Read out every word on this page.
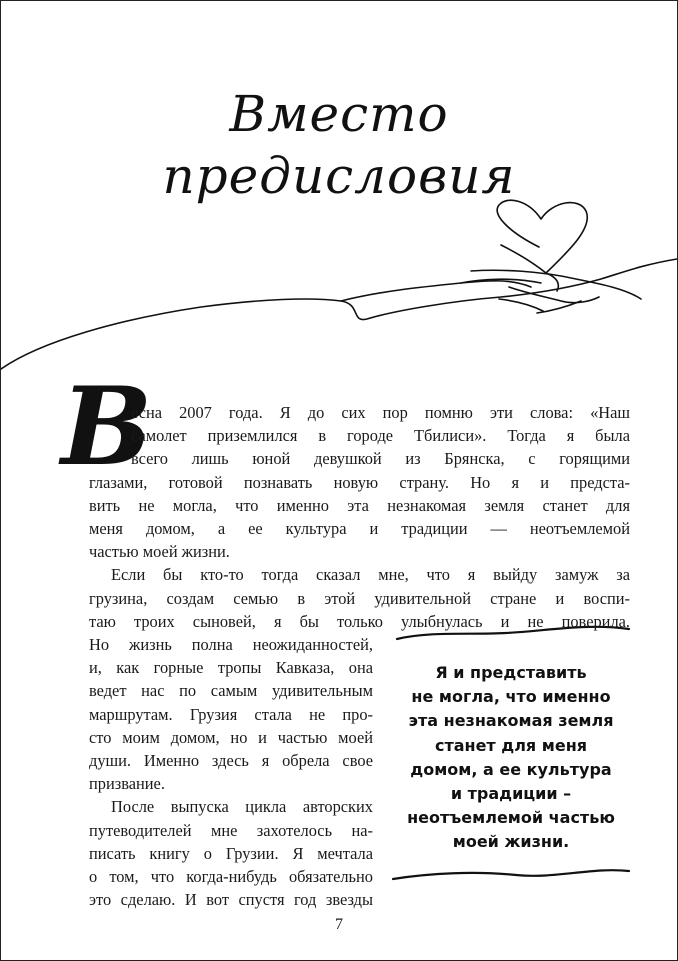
Вместо
предисловия
В
есна 2007 года. Я до сих пор помню эти слова: «Наш
самолет приземлился в городе Тбилиси». Тогда я была
всего лишь юной девушкой из Брянска, с горящими
глазами, готовой познавать новую страну. Но я и предста-
вить не могла, что именно эта незнакомая земля станет для
меня домом, а ее культура и традиции — неотъемлемой
частью моей жизни.
Если бы кто-то тогда сказал мне, что я выйду замуж за
грузина, создам семью в этой удивительной стране и воспи-
таю троих сыновей, я бы только улыбнулась и не поверила.
Но жизнь полна неожиданностей,
и, как горные тропы Кавказа, она
ведет нас по самым удивительным
маршрутам. Грузия стала не про-
сто моим домом, но и частью моей
души. Именно здесь я обрела свое
призвание.
После выпуска цикла авторских
путеводителей мне захотелось на-
писать книгу о Грузии. Я мечтала
о том, что когда-нибудь обязательно
это сделаю. И вот спустя год звезды
Я и представить
не могла, что именно
эта незнакомая земля
станет для меня
домом, а ее культура
и традиции –
неотъемлемой частью
моей жизни.
7
